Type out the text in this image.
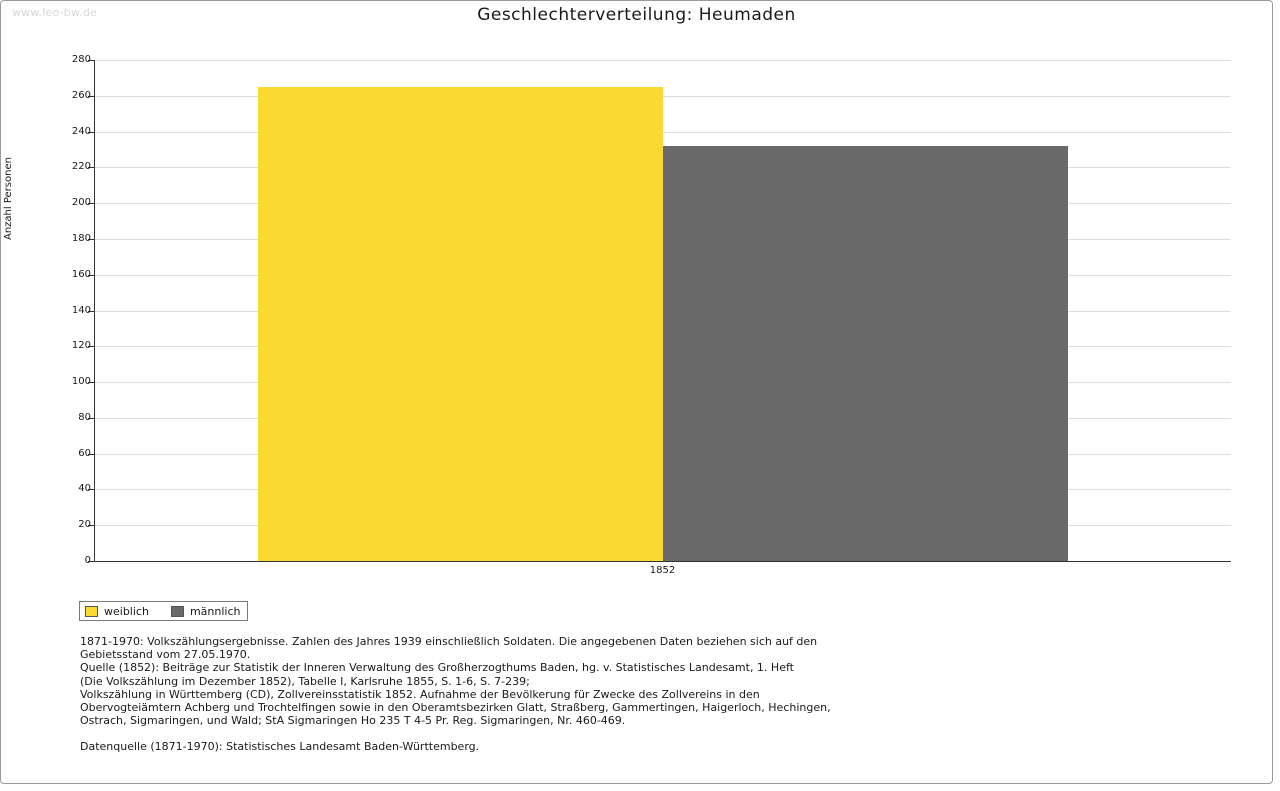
www.leo-bw.de	Geschlechterverteilung: Heumaden
Anzahl Personen
1852
weiblich	männlich

1871-1970: Volkszählungsergebnisse. Zahlen des Jahres 1939 einschließlich Soldaten. Die angegebenen Daten beziehen sich auf den

Gebietsstand vom 27.05.1970.

Quelle (1852): Beiträge zur Statistik der Inneren Verwaltung des Großherzogthums Baden, hg. v. Statistisches Landesamt, 1. Heft

(Die Volkszählung im Dezember 1852), Tabelle I, Karlsruhe 1855, S. 1-6, S. 7-239;

Volkszählung in Württemberg (CD), Zollvereinsstatistik 1852. Aufnahme der Bevölkerung für Zwecke des Zollvereins in den

Obervogteiämtern Achberg und Trochtelfingen sowie in den Oberamtsbezirken Glatt, Straßberg, Gammertingen, Haigerloch, Hechingen,

Ostrach, Sigmaringen, und Wald; StA Sigmaringen Ho 235 T 4-5 Pr. Reg. Sigmaringen, Nr. 460-469.

Datenquelle (1871-1970): Statistisches Landesamt Baden-Württemberg.

0
20
40
60
80
100
120
140
160
180
200
220
240
260
280
